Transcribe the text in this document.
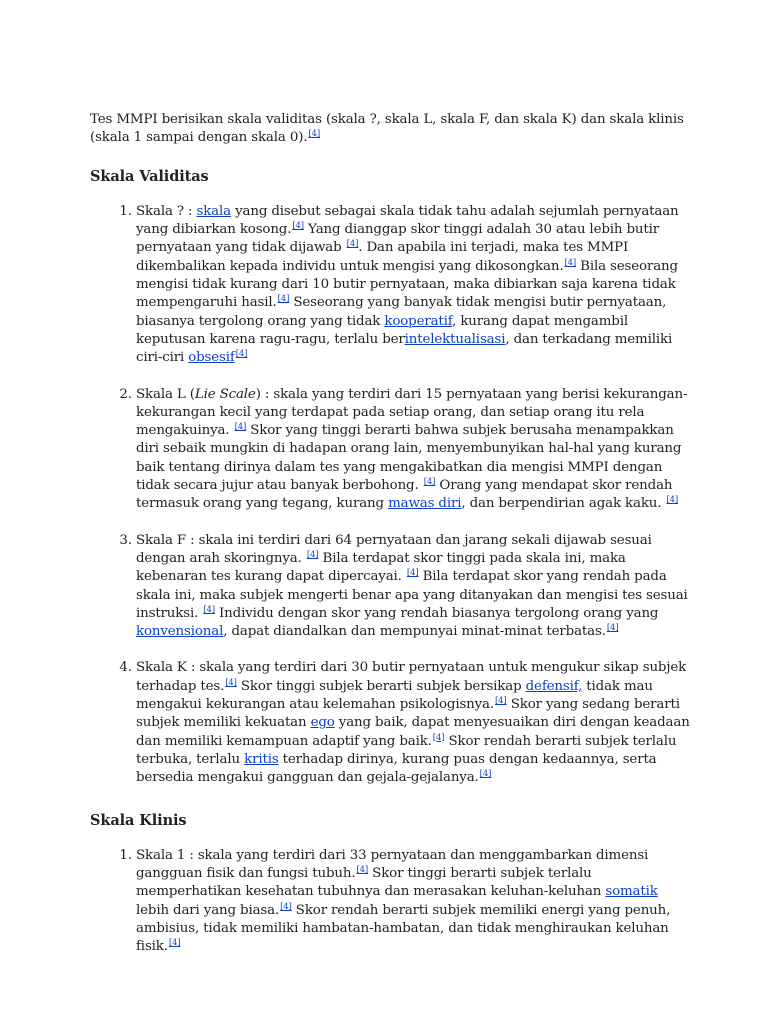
Tes MMPI berisikan skala validitas (skala ?, skala L, skala F, dan skala K) dan skala klinis (skala 1 sampai dengan skala 0).[4]

Skala Validitas
1. Skala ? : skala yang disebut sebagai skala tidak tahu adalah sejumlah pernyataan yang dibiarkan kosong.[4] Yang dianggap skor tinggi adalah 30 atau lebih butir pernyataan yang tidak dijawab [4]. Dan apabila ini terjadi, maka tes MMPI dikembalikan kepada individu untuk mengisi yang dikosongkan.[4] Bila seseorang mengisi tidak kurang dari 10 butir pernyataan, maka dibiarkan saja karena tidak mempengaruhi hasil.[4] Seseorang yang banyak tidak mengisi butir pernyataan, biasanya tergolong orang yang tidak kooperatif, kurang dapat mengambil keputusan karena ragu-ragu, terlalu berintelektualisasi, dan terkadang memiliki ciri-ciri obsesif[4]
2. Skala L (Lie Scale) : skala yang terdiri dari 15 pernyataan yang berisi kekurangan-kekurangan kecil yang terdapat pada setiap orang, dan setiap orang itu rela mengakuinya. [4] Skor yang tinggi berarti bahwa subjek berusaha menampakkan diri sebaik mungkin di hadapan orang lain, menyembunyikan hal-hal yang kurang baik tentang dirinya dalam tes yang mengakibatkan dia mengisi MMPI dengan tidak secara jujur atau banyak berbohong. [4] Orang yang mendapat skor rendah termasuk orang yang tegang, kurang mawas diri, dan berpendirian agak kaku. [4]
3. Skala F : skala ini terdiri dari 64 pernyataan dan jarang sekali dijawab sesuai dengan arah skoringnya. [4] Bila terdapat skor tinggi pada skala ini, maka kebenaran tes kurang dapat dipercayai. [4] Bila terdapat skor yang rendah pada skala ini, maka subjek mengerti benar apa yang ditanyakan dan mengisi tes sesuai instruksi. [4] Individu dengan skor yang rendah biasanya tergolong orang yang konvensional, dapat diandalkan dan mempunyai minat-minat terbatas.[4]
4. Skala K : skala yang terdiri dari 30 butir pernyataan untuk mengukur sikap subjek terhadap tes.[4] Skor tinggi subjek berarti subjek bersikap defensif, tidak mau mengakui kekurangan atau kelemahan psikologisnya.[4] Skor yang sedang berarti subjek memiliki kekuatan ego yang baik, dapat menyesuaikan diri dengan keadaan dan memiliki kemampuan adaptif yang baik.[4] Skor rendah berarti subjek terlalu terbuka, terlalu kritis terhadap dirinya, kurang puas dengan kedaannya, serta bersedia mengakui gangguan dan gejala-gejalanya.[4]
Skala Klinis
1. Skala 1 : skala yang terdiri dari 33 pernyataan dan menggambarkan dimensi gangguan fisik dan fungsi tubuh.[4] Skor tinggi berarti subjek terlalu memperhatikan kesehatan tubuhnya dan merasakan keluhan-keluhan somatik lebih dari yang biasa.[4] Skor rendah berarti subjek memiliki energi yang penuh, ambisius, tidak memiliki hambatan-hambatan, dan tidak menghiraukan keluhan fisik.[4]
